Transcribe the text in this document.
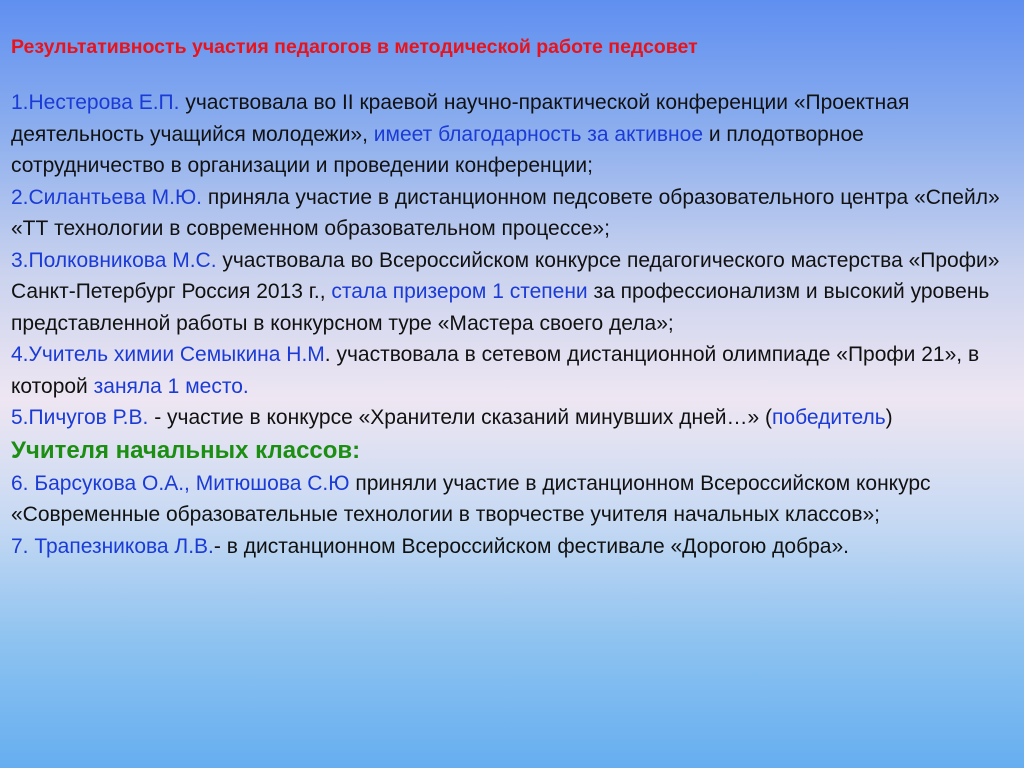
Результативность участия педагогов в методической работе педсовет

1.Нестерова Е.П. участвовала во II краевой научно-практической конференции «Проектная деятельность учащийся молодежи», имеет благодарность за активное и плодотворное сотрудничество в организации и проведении конференции;

2.Силантьева М.Ю. приняла участие в дистанционном педсовете образовательного центра «Спейл» «ТТ технологии в современном образовательном процессе»;

3.Полковникова М.С. участвовала во Всероссийском конкурсе педагогического мастерства «Профи» Санкт-Петербург Россия 2013 г., стала призером 1 степени за профессионализм и высокий уровень представленной работы в конкурсном туре «Мастера своего дела»;

4.Учитель химии Семыкина Н.М. участвовала в сетевом дистанционной олимпиаде «Профи 21», в которой заняла 1 место.

5.Пичугов Р.В. - участие в конкурсе «Хранители сказаний минувших дней…» (победитель)

Учителя начальных классов:

6. Барсукова О.А., Митюшова С.Ю приняли участие в дистанционном Всероссийском конкурс «Современные образовательные технологии в творчестве учителя начальных классов»;

7. Трапезникова Л.В.- в дистанционном Всероссийском фестивале «Дорогою добра».
